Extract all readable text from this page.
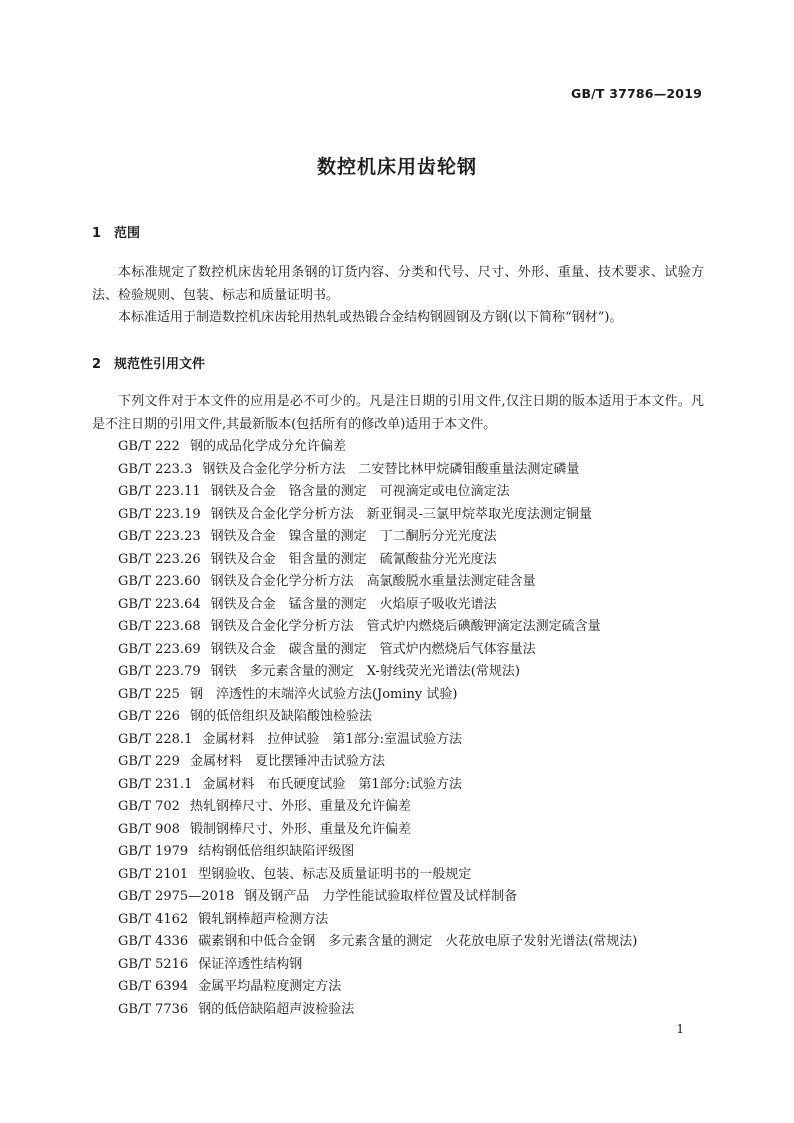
GB/T 37786—2019
数控机床用齿轮钢
1 范围

本标准规定了数控机床齿轮用条钢的订货内容、分类和代号、尺寸、外形、重量、技术要求、试验方法、检验规则、包装、标志和质量证明书。

本标准适用于制造数控机床齿轮用热轧或热锻合金结构钢圆钢及方钢(以下简称“钢材”)。

2 规范性引用文件

下列文件对于本文件的应用是必不可少的。凡是注日期的引用文件,仅注日期的版本适用于本文件。凡是不注日期的引用文件,其最新版本(包括所有的修改单)适用于本文件。

GB/T 222 钢的成品化学成分允许偏差
GB/T 223.3 钢铁及合金化学分析方法　二安替比林甲烷磷钼酸重量法测定磷量
GB/T 223.11 钢铁及合金　铬含量的测定　可视滴定或电位滴定法
GB/T 223.19 钢铁及合金化学分析方法　新亚铜灵-三氯甲烷萃取光度法测定铜量
GB/T 223.23 钢铁及合金　镍含量的测定　丁二酮肟分光光度法
GB/T 223.26 钢铁及合金　钼含量的测定　硫氰酸盐分光光度法
GB/T 223.60 钢铁及合金化学分析方法　高氯酸脱水重量法测定硅含量
GB/T 223.64 钢铁及合金　锰含量的测定　火焰原子吸收光谱法
GB/T 223.68 钢铁及合金化学分析方法　管式炉内燃烧后碘酸钾滴定法测定硫含量
GB/T 223.69 钢铁及合金　碳含量的测定　管式炉内燃烧后气体容量法
GB/T 223.79 钢铁　多元素含量的测定　X-射线荧光光谱法(常规法)
GB/T 225 钢　淬透性的末端淬火试验方法(Jominy 试验)
GB/T 226 钢的低倍组织及缺陷酸蚀检验法
GB/T 228.1 金属材料　拉伸试验　第1部分:室温试验方法
GB/T 229 金属材料　夏比摆锤冲击试验方法
GB/T 231.1 金属材料　布氏硬度试验　第1部分:试验方法
GB/T 702 热轧钢棒尺寸、外形、重量及允许偏差
GB/T 908 锻制钢棒尺寸、外形、重量及允许偏差
GB/T 1979 结构钢低倍组织缺陷评级图
GB/T 2101 型钢验收、包装、标志及质量证明书的一般规定
GB/T 2975—2018 钢及钢产品　力学性能试验取样位置及试样制备
GB/T 4162 锻轧钢棒超声检测方法
GB/T 4336 碳素钢和中低合金钢　多元素含量的测定　火花放电原子发射光谱法(常规法)
GB/T 5216 保证淬透性结构钢
GB/T 6394 金属平均晶粒度测定方法
GB/T 7736 钢的低倍缺陷超声波检验法
1
